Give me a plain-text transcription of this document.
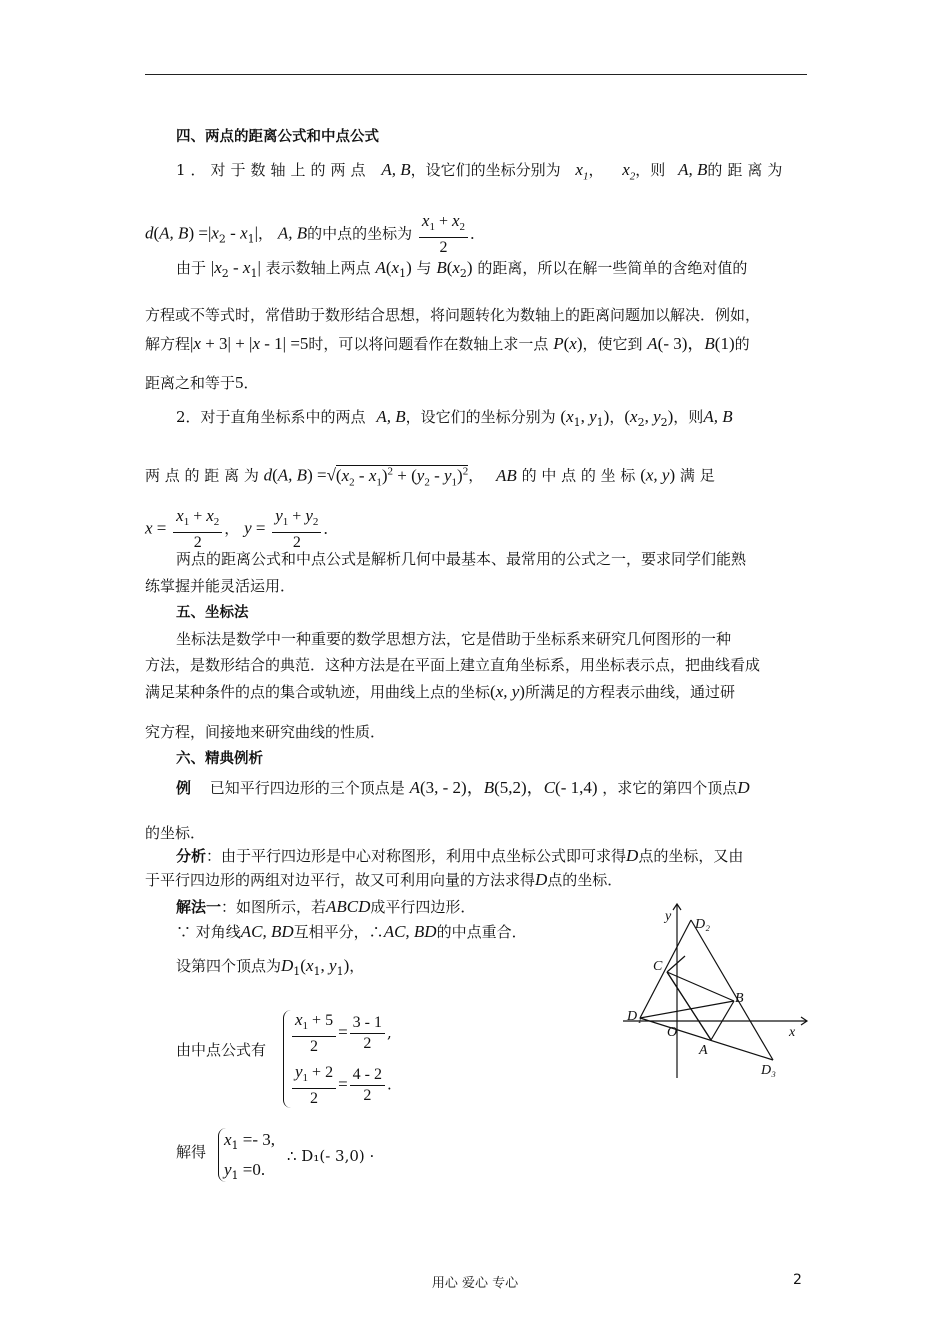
四、两点的距离公式和中点公式
1．对于数轴上的两点 A, B，设它们的坐标分别为 $x_1$， $x_2$，则 A, B的距离为
d(A, $B) =|x_2 - x_1|$， A, B的中点的坐标为 $\frac{x_1 + x_2}{2}$ ．
由于 $|x_2 - x_1|$ 表示数轴上两点 $A(x_1)$ 与 $B(x_2)$ 的距离，所以在解一些简单的含绝对值的
方程或不等式时，常借助于数形结合思想，将问题转化为数轴上的距离问题加以解决．例如，
解方程|x + 3| + |x - 1| =5时，可以将问题看作在数轴上求一点 P(x)，使它到 A(- 3)，B(1)的
距离之和等于5．
2．对于直角坐标系中的两点 A, B，设它们的坐标分别为 ($x_1$, $y_1$)，($x_2$, $y_2$)，则A, B
两 点 的 距 离 为 d(A, $B) =√(x_2 - x_1)^2 + (y_2 - y_1)^2$， AB 的 中 点 的 坐 标 (x, y) 满 足
$x = \frac{x_1 + x_2}{2}$ ， $y = \frac{y_1 + y_2}{2}$ ．
两点的距离公式和中点公式是解析几何中最基本、最常用的公式之一，要求同学们能熟
练掌握并能灵活运用．
五、坐标法
坐标法是数学中一种重要的数学思想方法，它是借助于坐标系来研究几何图形的一种
方法，是数形结合的典范．这种方法是在平面上建立直角坐标系，用坐标表示点，把曲线看成
满足某种条件的点的集合或轨迹，用曲线上点的坐标(x, y)所满足的方程表示曲线，通过研
究方程，间接地来研究曲线的性质．
六、精典例析
例 已知平行四边形的三个顶点是 A(3, - 2)，B(5,2)，C(- 1,4) ，求它的第四个顶点D
的坐标．
分析：由于平行四边形是中心对称图形，利用中点坐标公式即可求得D点的坐标，又由
于平行四边形的两组对边平行，故又可利用向量的方法求得D点的坐标．
解法一：如图所示，若ABCD成平行四边形．
∵ 对角线AC, BD互相平分，∴AC, BD的中点重合．
设第四个顶点为$D_1(x_1$, $y_1$)，
由中点公式有 $\frac{x_1 + 5}{2} = \frac{3 - 1}{2}$ ,
$\frac{y_1 + 2}{2} = \frac{4 - 2}{2}$ .
解得
$x_1 =- 3$,
$y_1 =0$.
∴ D₁(- 3,0) ·
y
D₂
C
B
D₁
O	x
A
D₃
用心 爱心 专心	2
